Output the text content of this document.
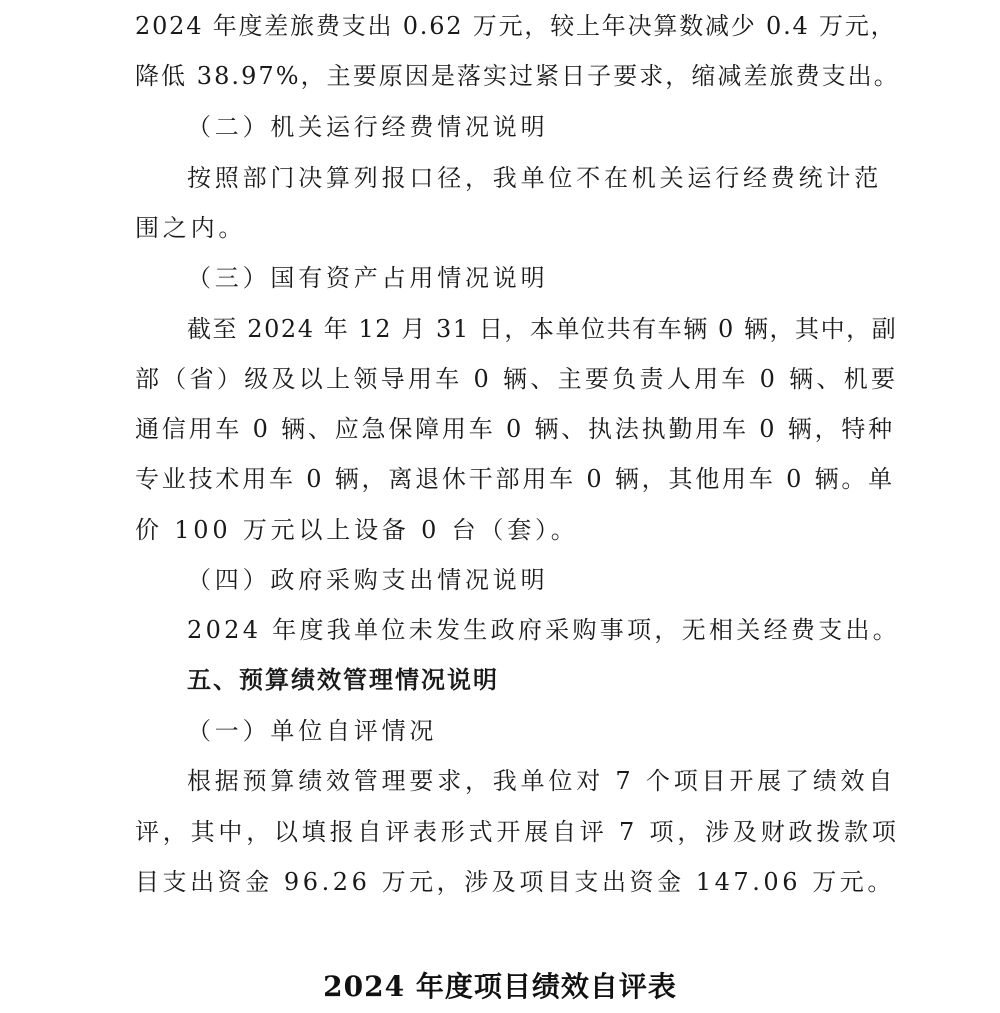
2024 年度差旅费支出 0.62 万元，较上年决算数减少 0.4 万元，
降低 38.97%，主要原因是落实过紧日子要求，缩减差旅费支出。
（二）机关运行经费情况说明
按照部门决算列报口径，我单位不在机关运行经费统计范
围之内。
（三）国有资产占用情况说明
截至 2024 年 12 月 31 日，本单位共有车辆 0 辆，其中，副
部（省）级及以上领导用车 0 辆、主要负责人用车 0 辆、机要
通信用车 0 辆、应急保障用车 0 辆、执法执勤用车 0 辆，特种
专业技术用车 0 辆，离退休干部用车 0 辆，其他用车 0 辆。单
价 100 万元以上设备 0 台（套）。
（四）政府采购支出情况说明
2024 年度我单位未发生政府采购事项，无相关经费支出。
五、预算绩效管理情况说明
（一）单位自评情况
根据预算绩效管理要求，我单位对 7 个项目开展了绩效自
评，其中，以填报自评表形式开展自评 7 项，涉及财政拨款项
目支出资金 96.26 万元，涉及项目支出资金 147.06 万元。
2024 年度项目绩效自评表
